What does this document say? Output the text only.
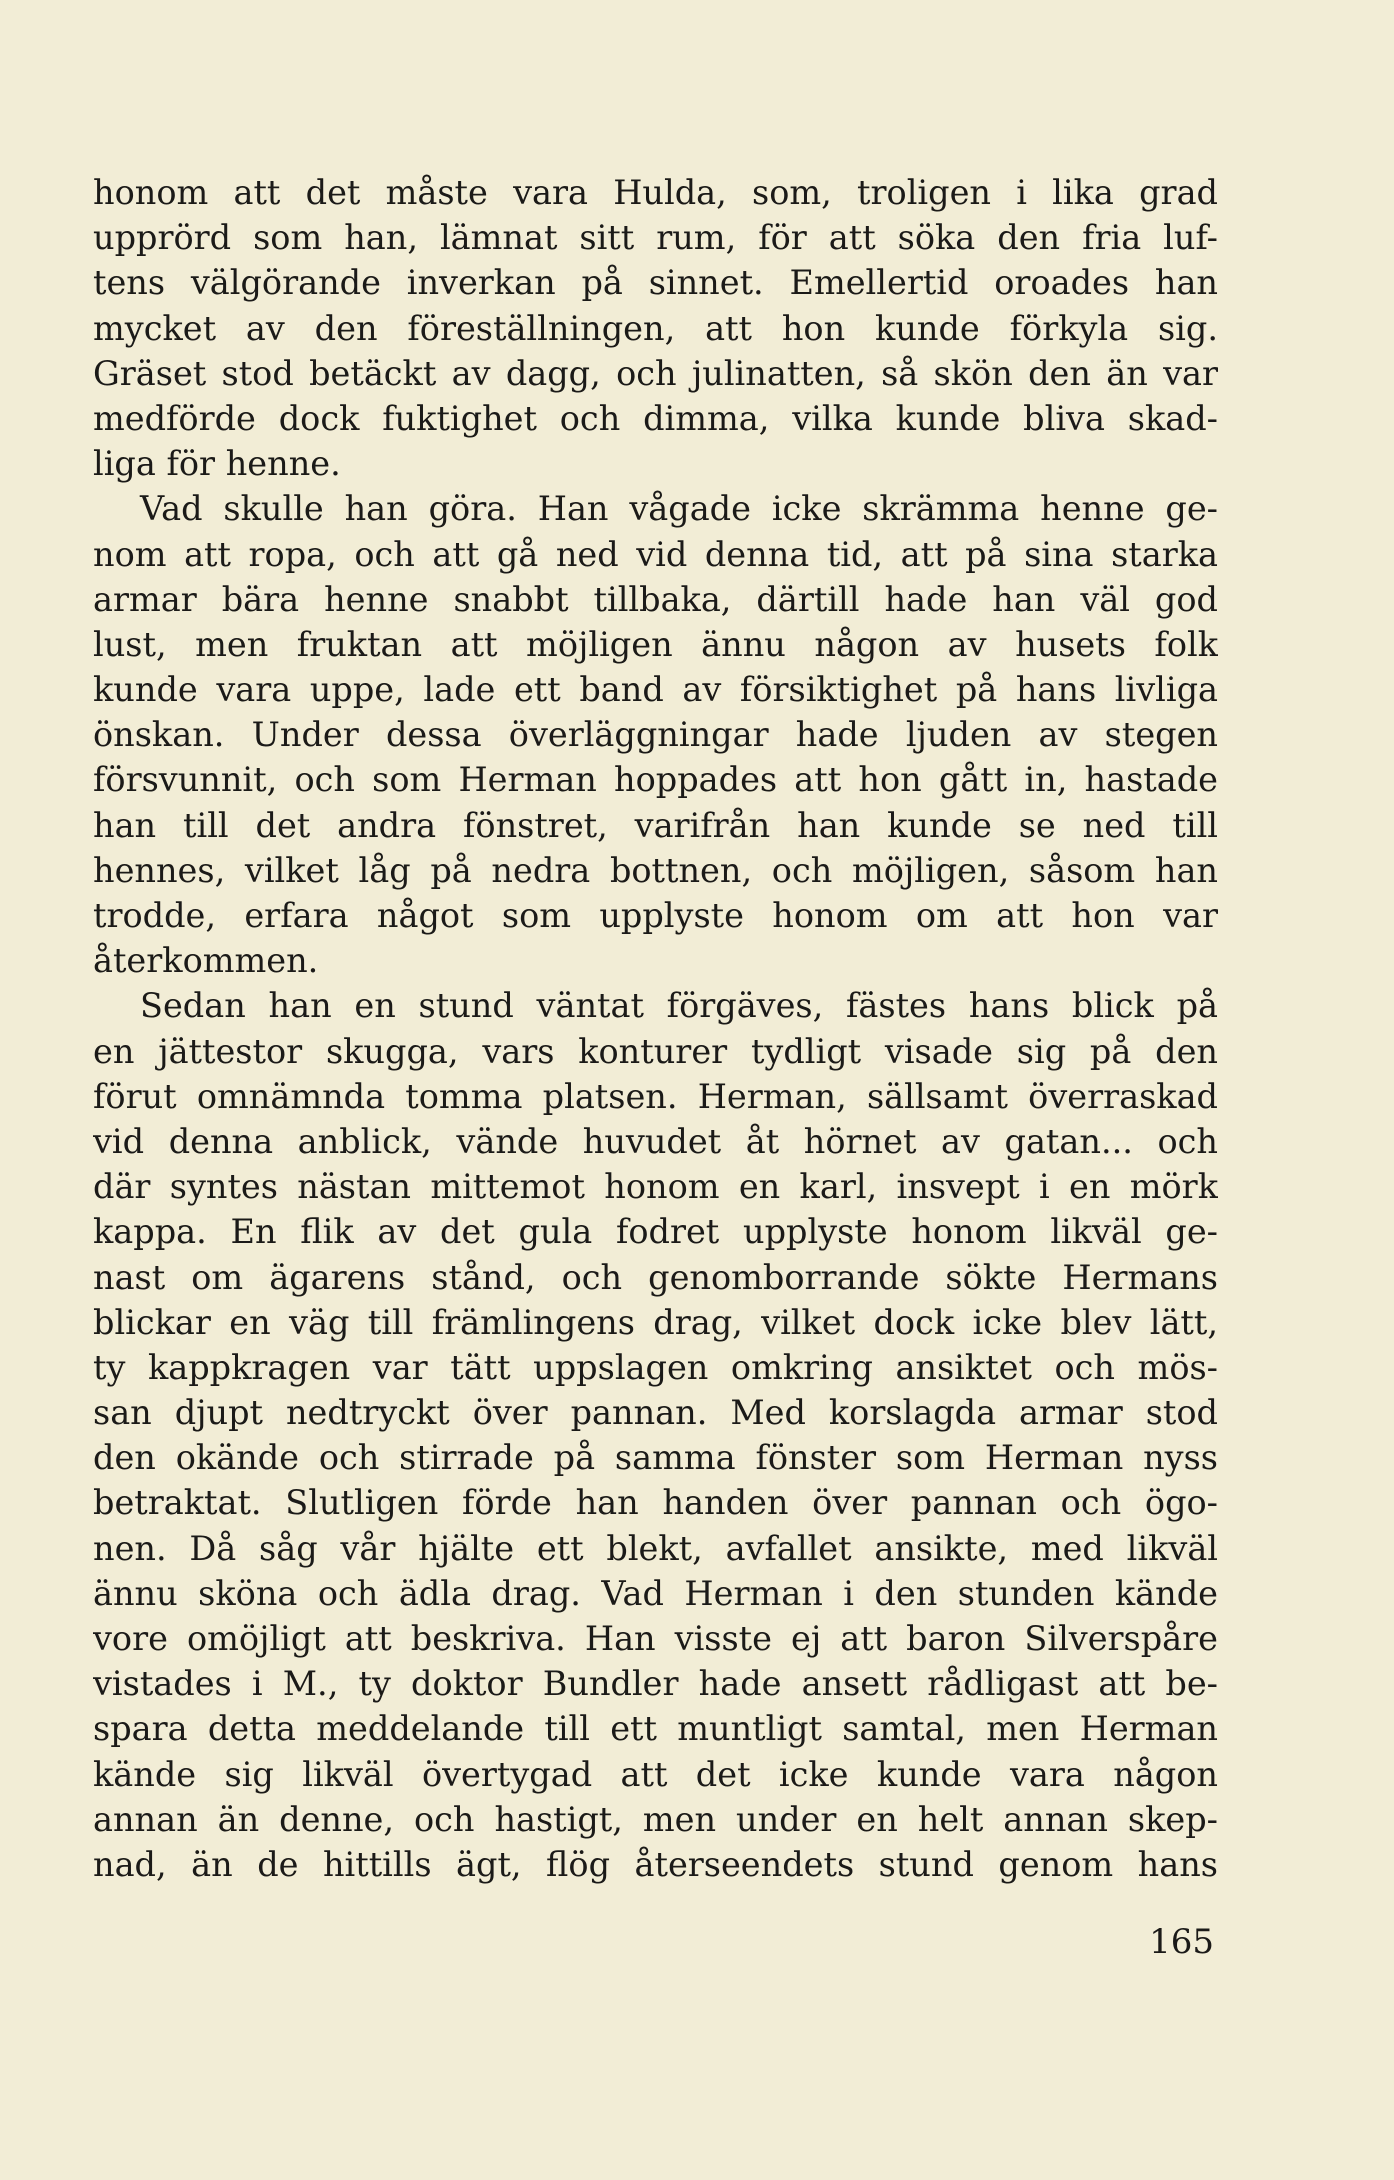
honom att det måste vara Hulda, som, troligen i lika grad
upprörd som han, lämnat sitt rum, för att söka den fria luf-
tens välgörande inverkan på sinnet. Emellertid oroades han
mycket av den föreställningen, att hon kunde förkyla sig.
Gräset stod betäckt av dagg, och julinatten, så skön den än var
medförde dock fuktighet och dimma, vilka kunde bliva skad-
liga för henne.
Vad skulle han göra. Han vågade icke skrämma henne ge-
nom att ropa, och att gå ned vid denna tid, att på sina starka
armar bära henne snabbt tillbaka, därtill hade han väl god
lust, men fruktan att möjligen ännu någon av husets folk
kunde vara uppe, lade ett band av försiktighet på hans livliga
önskan. Under dessa överläggningar hade ljuden av stegen
försvunnit, och som Herman hoppades att hon gått in, hastade
han till det andra fönstret, varifrån han kunde se ned till
hennes, vilket låg på nedra bottnen, och möjligen, såsom han
trodde, erfara något som upplyste honom om att hon var
återkommen.
Sedan han en stund väntat förgäves, fästes hans blick på
en jättestor skugga, vars konturer tydligt visade sig på den
förut omnämnda tomma platsen. Herman, sällsamt överraskad
vid denna anblick, vände huvudet åt hörnet av gatan... och
där syntes nästan mittemot honom en karl, insvept i en mörk
kappa. En flik av det gula fodret upplyste honom likväl ge-
nast om ägarens stånd, och genomborrande sökte Hermans
blickar en väg till främlingens drag, vilket dock icke blev lätt,
ty kappkragen var tätt uppslagen omkring ansiktet och mös-
san djupt nedtryckt över pannan. Med korslagda armar stod
den okände och stirrade på samma fönster som Herman nyss
betraktat. Slutligen förde han handen över pannan och ögo-
nen. Då såg vår hjälte ett blekt, avfallet ansikte, med likväl
ännu sköna och ädla drag. Vad Herman i den stunden kände
vore omöjligt att beskriva. Han visste ej att baron Silverspåre
vistades i M., ty doktor Bundler hade ansett rådligast att be-
spara detta meddelande till ett muntligt samtal, men Herman
kände sig likväl övertygad att det icke kunde vara någon
annan än denne, och hastigt, men under en helt annan skep-
nad, än de hittills ägt, flög återseendets stund genom hans
165
